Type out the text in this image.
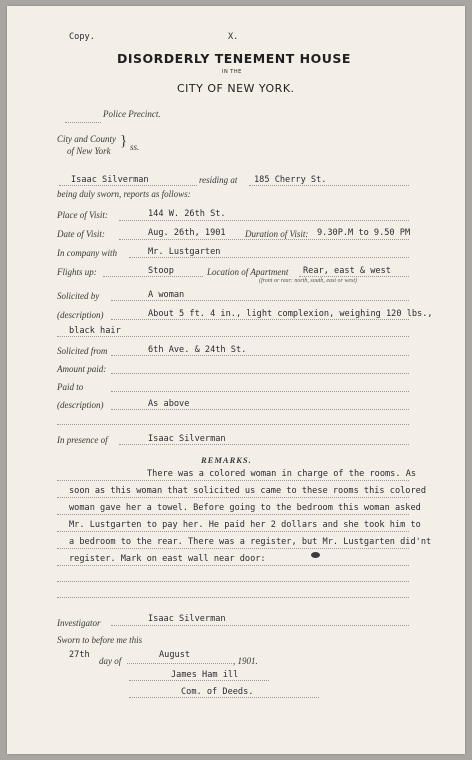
Copy.	X.
DISORDERLY TENEMENT HOUSE
IN THE
CITY OF NEW YORK.
Police Precinct.
City and County
of New York
} ss.
Isaac Silverman	residing at 185 Cherry St.
being duly sworn, reports as follows:
Place of Visit:	144 W. 26th St.
Date of Visit:	Aug. 26th, 1901 Duration of Visit: 9.30P.M to 9.50 PM
In company with	Mr. Lustgarten
Flights up:	Stoop	Location of Apartment Rear, east & west
(front or rear: north, south, east or west)
Solicited by	A woman
(description)	About 5 ft. 4 in., light complexion, weighing 120 lbs.,
black hair
Solicited from	6th Ave. & 24th St.
Amount paid:
Paid to
(description)	As above
In presence of	Isaac Silverman
REMARKS.
There was a colored woman in charge of the rooms. As
soon as this woman that solicited us came to these rooms this colored
woman gave her a towel. Before going to the bedroom this woman asked
Mr. Lustgarten to pay her. He paid her 2 dollars and she took him to
a bedroom to the rear. There was a register, but Mr. Lustgarten did'nt
register. Mark on east wall near door:
Investigator	Isaac Silverman
Sworn to before me this
27th
day of
August
, 1901.
James Ham ill
Com. of Deeds.
